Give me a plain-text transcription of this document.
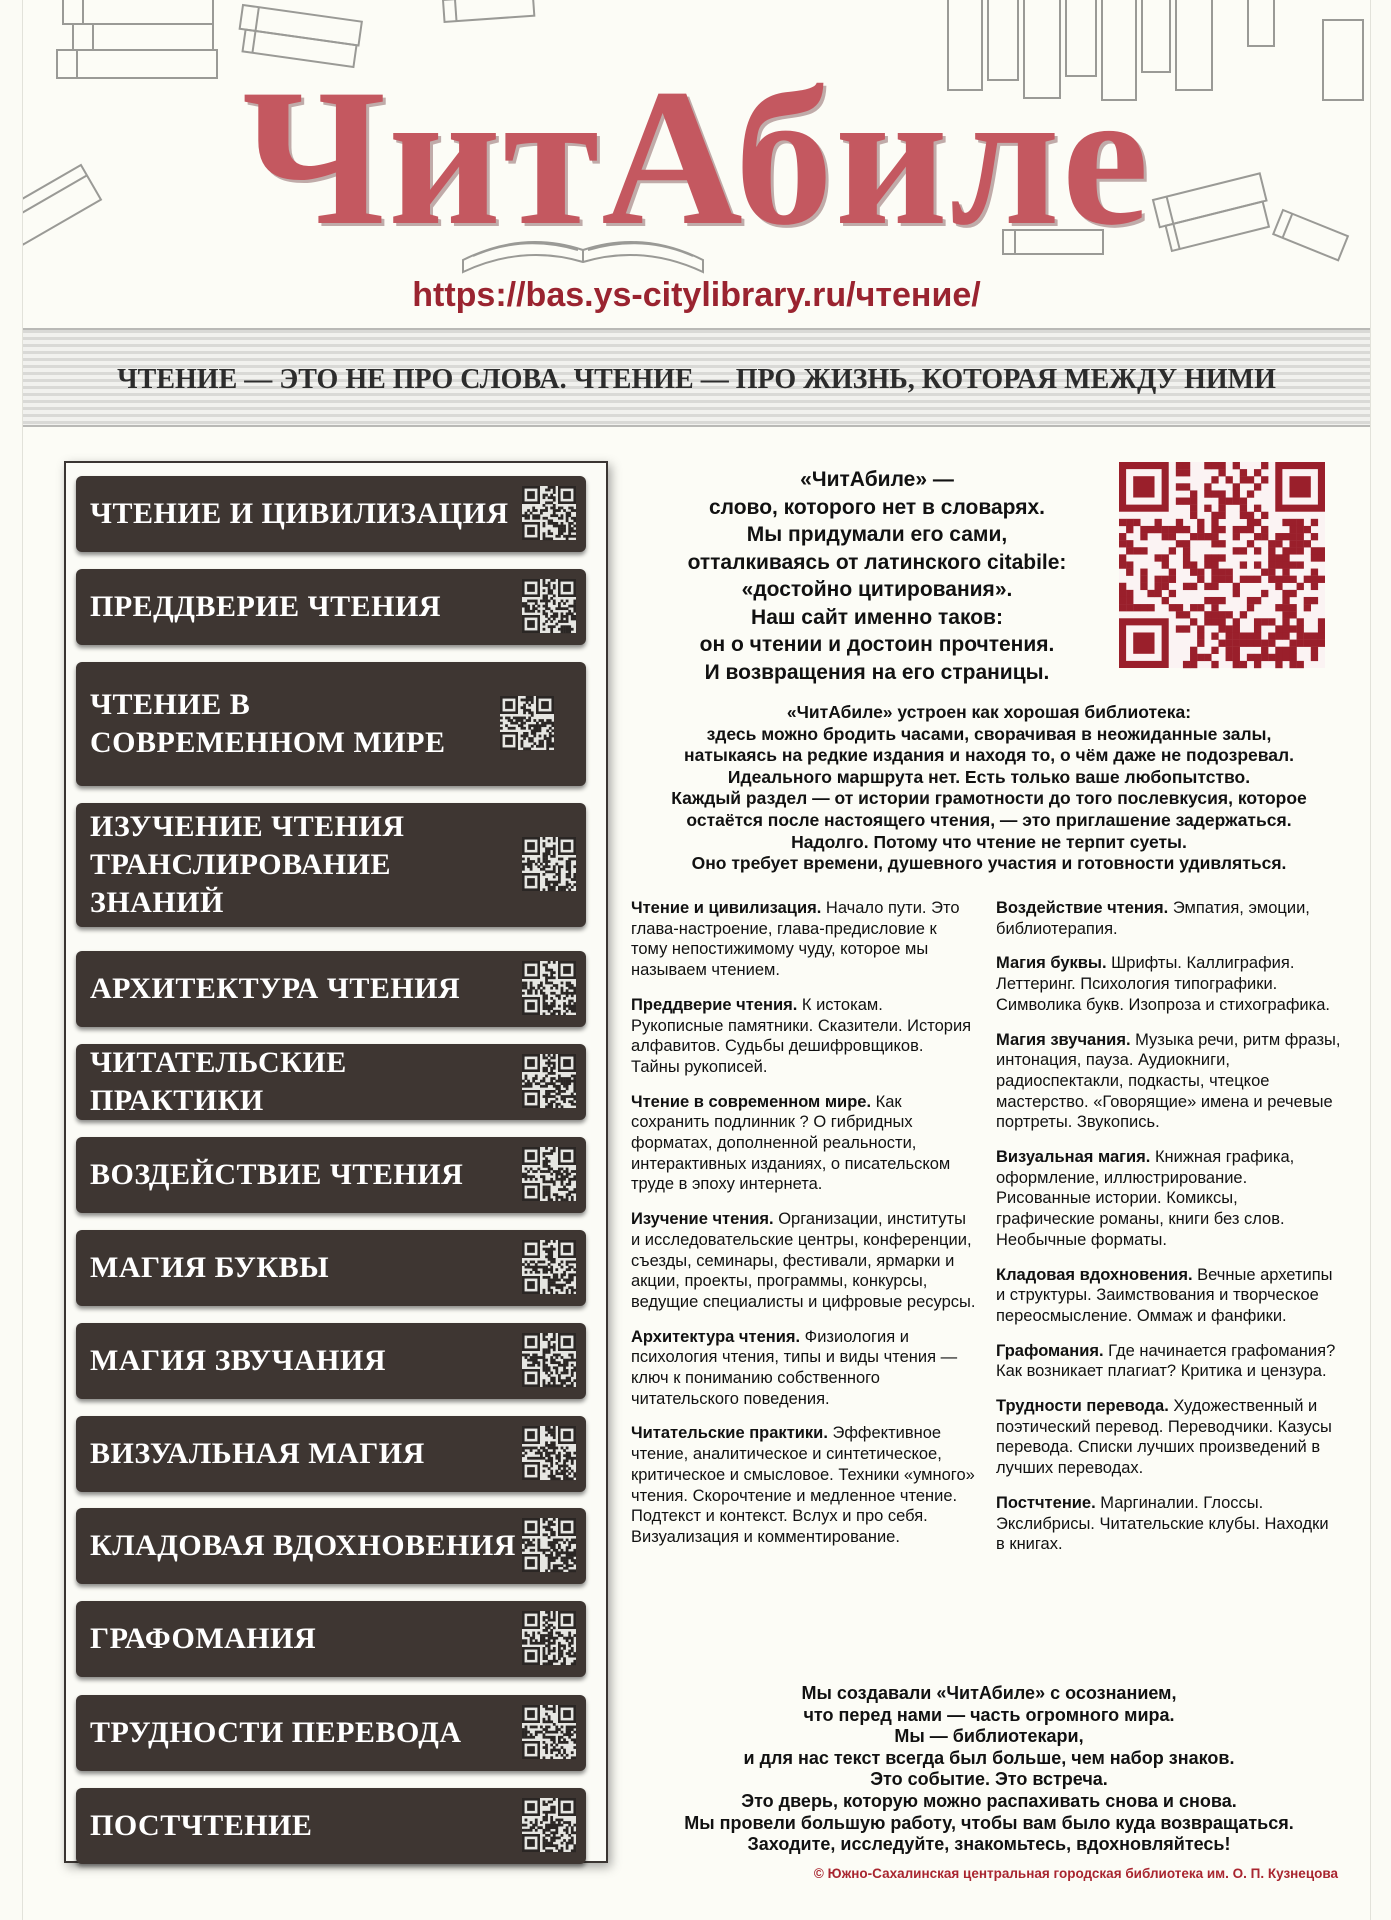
ЧитАбиле
https://bas.ys-citylibrary.ru/чтение/
ЧТЕНИЕ — ЭТО НЕ ПРО СЛОВА. ЧТЕНИЕ — ПРО ЖИЗНЬ, КОТОРАЯ МЕЖДУ НИМИ
ЧТЕНИЕ И ЦИВИЛИЗАЦИЯ
ПРЕДДВЕРИЕ ЧТЕНИЯ
ЧТЕНИЕ В СОВРЕМЕННОМ МИРЕ
ИЗУЧЕНИЕ ЧТЕНИЯ ТРАНСЛИРОВАНИЕ ЗНАНИЙ
АРХИТЕКТУРА ЧТЕНИЯ
ЧИТАТЕЛЬСКИЕ ПРАКТИКИ
ВОЗДЕЙСТВИЕ ЧТЕНИЯ
МАГИЯ БУКВЫ
МАГИЯ ЗВУЧАНИЯ
ВИЗУАЛЬНАЯ МАГИЯ
КЛАДОВАЯ ВДОХНОВЕНИЯ
ГРАФОМАНИЯ
ТРУДНОСТИ ПЕРЕВОДА
ПОСТЧТЕНИЕ
«ЧитАбиле» —
слово, которого нет в словарях.
Мы придумали его сами,
отталкиваясь от латинского citabile:
«достойно цитирования».
Наш сайт именно таков:
он о чтении и достоин прочтения.
И возвращения на его страницы.
«ЧитАбиле» устроен как хорошая библиотека:
здесь можно бродить часами, сворачивая в неожиданные залы,
натыкаясь на редкие издания и находя то, о чём даже не подозревал.
Идеального маршрута нет. Есть только ваше любопытство.
Каждый раздел — от истории грамотности до того послевкусия, которое
остаётся после настоящего чтения, — это приглашение задержаться.
Надолго. Потому что чтение не терпит суеты.
Оно требует времени, душевного участия и готовности удивляться.
Чтение и цивилизация. Начало пути. Это глава-настроение, глава-предисловие к тому непостижимому чуду, которое мы называем чтением.
Преддверие чтения. К истокам. Рукописные памятники. Сказители. История алфавитов. Судьбы дешифровщиков. Тайны рукописей.
Чтение в современном мире. Как сохранить подлинник ? О гибридных форматах, дополненной реальности, интерактивных изданиях, о писательском труде в эпоху интернета.
Изучение чтения. Организации, институты и исследовательские центры, конференции, съезды, семинары, фестивали, ярмарки и акции, проекты, программы, конкурсы, ведущие специалисты и цифровые ресурсы.
Архитектура чтения. Физиология и психология чтения, типы и виды чтения — ключ к пониманию собственного читательского поведения.
Читательские практики. Эффективное чтение, аналитическое и синтетическое, критическое и смысловое. Техники «умного» чтения. Скорочтение и медленное чтение. Подтекст и контекст. Вслух и про себя. Визуализация и комментирование.
Воздействие чтения. Эмпатия, эмоции, библиотерапия.
Магия буквы. Шрифты. Каллиграфия. Леттеринг. Психология типографики. Символика букв. Изопроза и стихографика.
Магия звучания. Музыка речи, ритм фразы, интонация, пауза. Аудиокниги, радиоспектакли, подкасты, чтецкое мастерство. «Говорящие» имена и речевые портреты. Звукопись.
Визуальная магия. Книжная графика, оформление, иллюстрирование. Рисованные истории. Комиксы, графические романы, книги без слов. Необычные форматы.
Кладовая вдохновения. Вечные архетипы и структуры. Заимствования и творческое переосмысление. Оммаж и фанфики.
Графомания. Где начинается графомания? Как возникает плагиат? Критика и цензура.
Трудности перевода. Художественный и поэтический перевод. Переводчики. Казусы перевода. Списки лучших произведений в лучших переводах.
Постчтение. Маргиналии. Глоссы. Экслибрисы. Читательские клубы. Находки в книгах.
Мы создавали «ЧитАбиле» с осознанием,
что перед нами — часть огромного мира.
Мы — библиотекари,
и для нас текст всегда был больше, чем набор знаков.
Это событие. Это встреча.
Это дверь, которую можно распахивать снова и снова.
Мы провели большую работу, чтобы вам было куда возвращаться.
Заходите, исследуйте, знакомьтесь, вдохновляйтесь!
© Южно-Сахалинская центральная городская библиотека им. О. П. Кузнецова
